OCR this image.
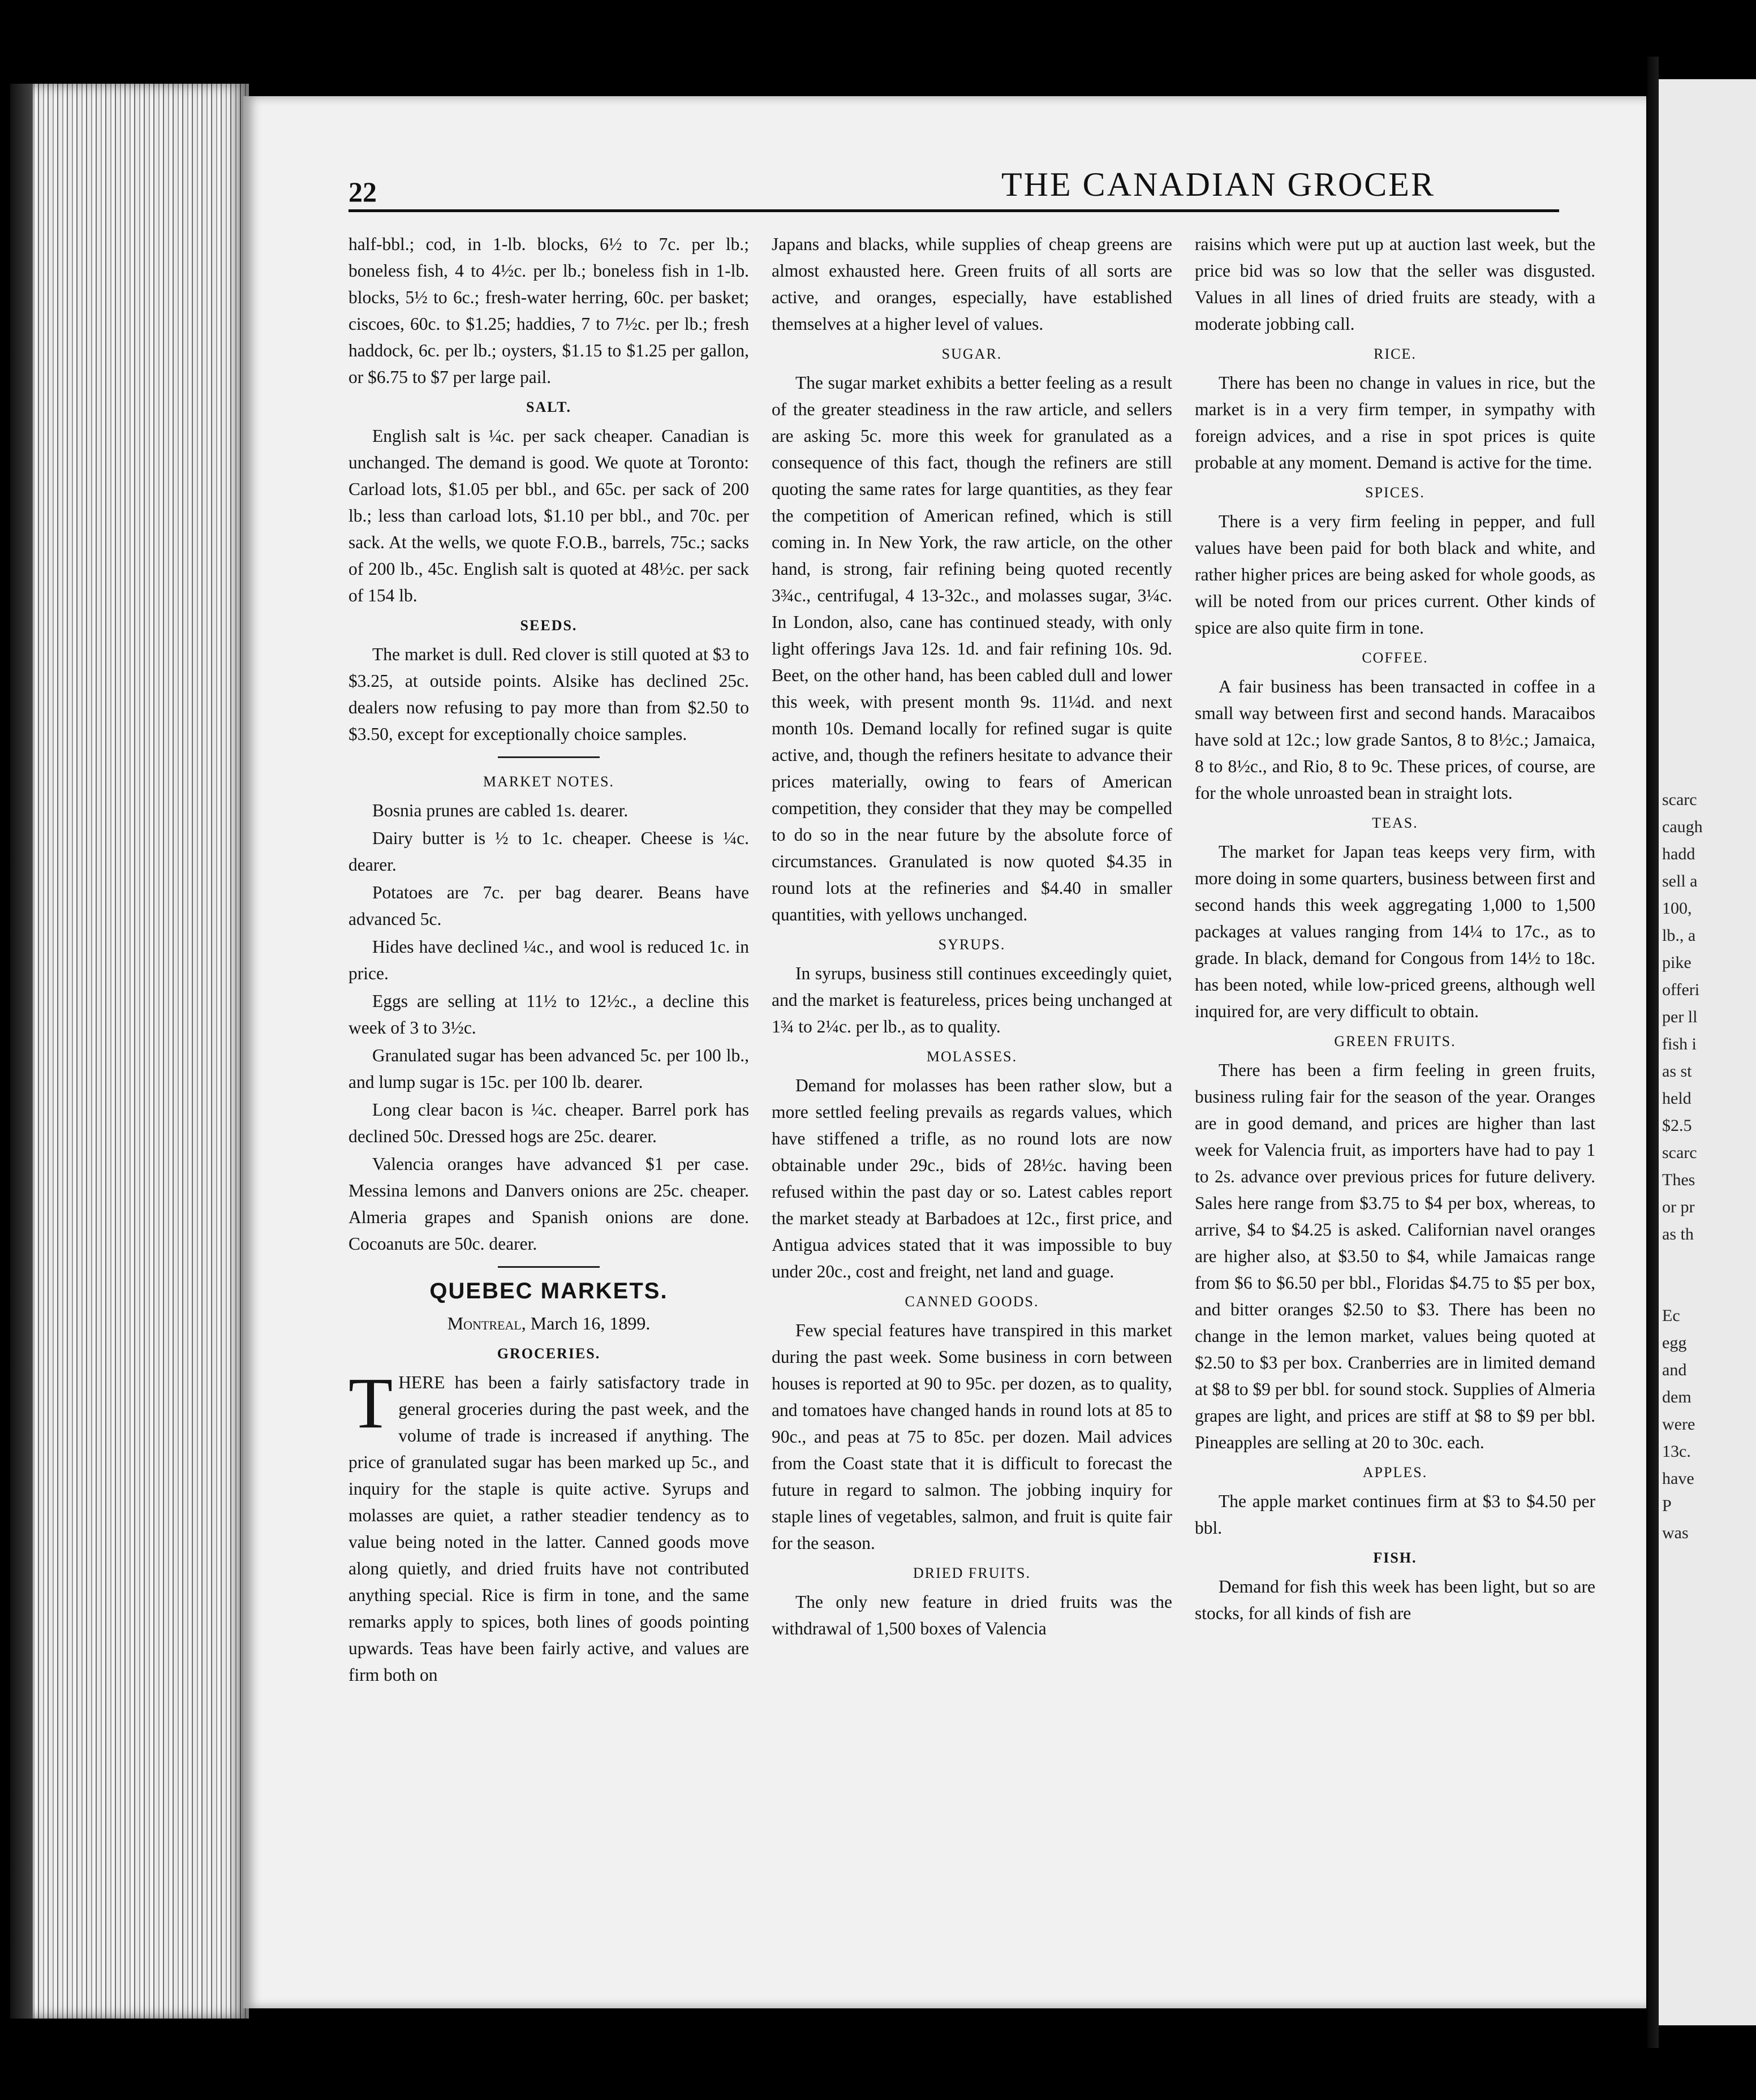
22	THE CANADIAN GROCER

half-bbl.; cod, in 1-lb. blocks, 6½ to 7c. per lb.; boneless fish, 4 to 4½c. per lb.; boneless fish in 1-lb. blocks, 5½ to 6c.; fresh-water herring, 60c. per basket; ciscoes, 60c. to $1.25; haddies, 7 to 7½c. per lb.; fresh haddock, 6c. per lb.; oysters, $1.15 to $1.25 per gallon, or $6.75 to $7 per large pail.

SALT.

English salt is ¼c. per sack cheaper. Canadian is unchanged. The demand is good. We quote at Toronto: Carload lots, $1.05 per bbl., and 65c. per sack of 200 lb.; less than carload lots, $1.10 per bbl., and 70c. per sack. At the wells, we quote F.O.B., barrels, 75c.; sacks of 200 lb., 45c. English salt is quoted at 48½c. per sack of 154 lb.

SEEDS.

The market is dull. Red clover is still quoted at $3 to $3.25, at outside points. Alsike has declined 25c. dealers now refusing to pay more than from $2.50 to $3.50, except for exceptionally choice samples.

MARKET NOTES.

Bosnia prunes are cabled 1s. dearer.

Dairy butter is ½ to 1c. cheaper. Cheese is ¼c. dearer.

Potatoes are 7c. per bag dearer. Beans have advanced 5c.

Hides have declined ¼c., and wool is reduced 1c. in price.

Eggs are selling at 11½ to 12½c., a decline this week of 3 to 3½c.

Granulated sugar has been advanced 5c. per 100 lb., and lump sugar is 15c. per 100 lb. dearer.

Long clear bacon is ¼c. cheaper. Barrel pork has declined 50c. Dressed hogs are 25c. dearer.

Valencia oranges have advanced $1 per case. Messina lemons and Danvers onions are 25c. cheaper. Almeria grapes and Spanish onions are done. Cocoanuts are 50c. dearer.

QUEBEC MARKETS.
Montreal, March 16, 1899.
GROCERIES.

THERE has been a fairly satisfactory trade in general groceries during the past week, and the volume of trade is increased if anything. The price of granulated sugar has been marked up 5c., and inquiry for the staple is quite active. Syrups and molasses are quiet, a rather steadier tendency as to value being noted in the latter. Canned goods move along quietly, and dried fruits have not contributed anything special. Rice is firm in tone, and the same remarks apply to spices, both lines of goods pointing upwards. Teas have been fairly active, and values are firm both on

Japans and blacks, while supplies of cheap greens are almost exhausted here. Green fruits of all sorts are active, and oranges, especially, have established themselves at a higher level of values.

SUGAR.

The sugar market exhibits a better feeling as a result of the greater steadiness in the raw article, and sellers are asking 5c. more this week for granulated as a consequence of this fact, though the refiners are still quoting the same rates for large quantities, as they fear the competition of American refined, which is still coming in. In New York, the raw article, on the other hand, is strong, fair refining being quoted recently 3¾c., centrifugal, 4 13-32c., and molasses sugar, 3¼c. In London, also, cane has continued steady, with only light offerings Java 12s. 1d. and fair refining 10s. 9d. Beet, on the other hand, has been cabled dull and lower this week, with present month 9s. 11¼d. and next month 10s. Demand locally for refined sugar is quite active, and, though the refiners hesitate to advance their prices materially, owing to fears of American competition, they consider that they may be compelled to do so in the near future by the absolute force of circumstances. Granulated is now quoted $4.35 in round lots at the refineries and $4.40 in smaller quantities, with yellows unchanged.

SYRUPS.

In syrups, business still continues exceedingly quiet, and the market is featureless, prices being unchanged at 1¾ to 2¼c. per lb., as to quality.

MOLASSES.

Demand for molasses has been rather slow, but a more settled feeling prevails as regards values, which have stiffened a trifle, as no round lots are now obtainable under 29c., bids of 28½c. having been refused within the past day or so. Latest cables report the market steady at Barbadoes at 12c., first price, and Antigua advices stated that it was impossible to buy under 20c., cost and freight, net land and guage.

CANNED GOODS.

Few special features have transpired in this market during the past week. Some business in corn between houses is reported at 90 to 95c. per dozen, as to quality, and tomatoes have changed hands in round lots at 85 to 90c., and peas at 75 to 85c. per dozen. Mail advices from the Coast state that it is difficult to forecast the future in regard to salmon. The jobbing inquiry for staple lines of vegetables, salmon, and fruit is quite fair for the season.

DRIED FRUITS.

The only new feature in dried fruits was the withdrawal of 1,500 boxes of Valencia

raisins which were put up at auction last week, but the price bid was so low that the seller was disgusted. Values in all lines of dried fruits are steady, with a moderate jobbing call.

RICE.

There has been no change in values in rice, but the market is in a very firm temper, in sympathy with foreign advices, and a rise in spot prices is quite probable at any moment. Demand is active for the time.

SPICES.

There is a very firm feeling in pepper, and full values have been paid for both black and white, and rather higher prices are being asked for whole goods, as will be noted from our prices current. Other kinds of spice are also quite firm in tone.

COFFEE.

A fair business has been transacted in coffee in a small way between first and second hands. Maracaibos have sold at 12c.; low grade Santos, 8 to 8½c.; Jamaica, 8 to 8½c., and Rio, 8 to 9c. These prices, of course, are for the whole unroasted bean in straight lots.

TEAS.

The market for Japan teas keeps very firm, with more doing in some quarters, business between first and second hands this week aggregating 1,000 to 1,500 packages at values ranging from 14¼ to 17c., as to grade. In black, demand for Congous from 14½ to 18c. has been noted, while low-priced greens, although well inquired for, are very difficult to obtain.

GREEN FRUITS.

There has been a firm feeling in green fruits, business ruling fair for the season of the year. Oranges are in good demand, and prices are higher than last week for Valencia fruit, as importers have had to pay 1 to 2s. advance over previous prices for future delivery. Sales here range from $3.75 to $4 per box, whereas, to arrive, $4 to $4.25 is asked. Californian navel oranges are higher also, at $3.50 to $4, while Jamaicas range from $6 to $6.50 per bbl., Floridas $4.75 to $5 per box, and bitter oranges $2.50 to $3. There has been no change in the lemon market, values being quoted at $2.50 to $3 per box. Cranberries are in limited demand at $8 to $9 per bbl. for sound stock. Supplies of Almeria grapes are light, and prices are stiff at $8 to $9 per bbl. Pineapples are selling at 20 to 30c. each.

APPLES.

The apple market continues firm at $3 to $4.50 per bbl.

FISH.

Demand for fish this week has been light, but so are stocks, for all kinds of fish are

scarc
caugh
hadd
sell a
100,
lb., a
pike
offeri
per ll
fish i
as st
held
$2.5
scarc
Thes
or pr
as th

Ec
egg
and
dem
were
13c.
have
P
was
